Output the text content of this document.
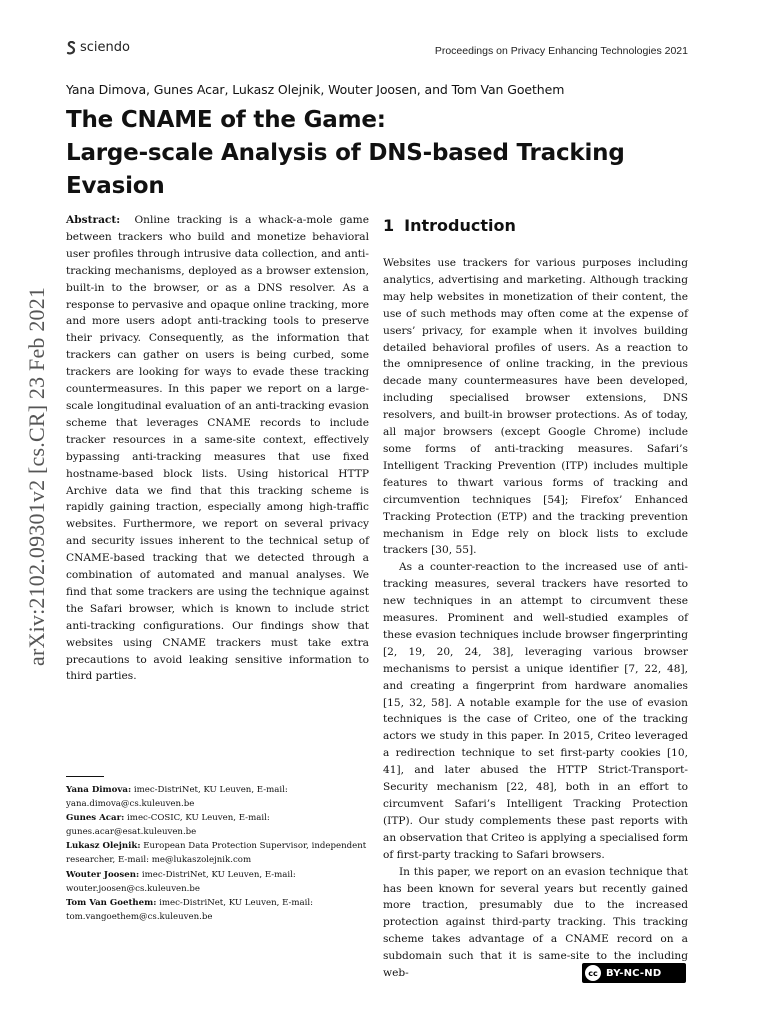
sciendo	Proceedings on Privacy Enhancing Technologies 2021
arXiv:2102.09301v2 [cs.CR] 23 Feb 2021
Yana Dimova, Gunes Acar, Lukasz Olejnik, Wouter Joosen, and Tom Van Goethem
The CNAME of the Game:
Large-scale Analysis of DNS-based Tracking
Evasion

Abstract: Online tracking is a whack-a-mole game between trackers who build and monetize behavioral user profiles through intrusive data collection, and anti-tracking mechanisms, deployed as a browser extension, built-in to the browser, or as a DNS resolver. As a response to pervasive and opaque online tracking, more and more users adopt anti-tracking tools to preserve their privacy. Consequently, as the information that trackers can gather on users is being curbed, some trackers are looking for ways to evade these tracking countermeasures. In this paper we report on a large-scale longitudinal evaluation of an anti-tracking evasion scheme that leverages CNAME records to include tracker resources in a same-site context, effectively bypassing anti-tracking measures that use fixed hostname-based block lists. Using historical HTTP Archive data we find that this tracking scheme is rapidly gaining traction, especially among high-traffic websites. Furthermore, we report on several privacy and security issues inherent to the technical setup of CNAME-based tracking that we detected through a combination of automated and manual analyses. We find that some trackers are using the technique against the Safari browser, which is known to include strict anti-tracking configurations. Our findings show that websites using CNAME trackers must take extra precautions to avoid leaking sensitive information to third parties.

Yana Dimova: imec-DistriNet, KU Leuven, E-mail: yana.dimova@cs.kuleuven.be

Gunes Acar: imec-COSIC, KU Leuven, E-mail: gunes.acar@esat.kuleuven.be

Lukasz Olejnik: European Data Protection Supervisor, independent researcher, E-mail: me@lukaszolejnik.com

Wouter Joosen: imec-DistriNet, KU Leuven, E-mail: wouter.joosen@cs.kuleuven.be

Tom Van Goethem: imec-DistriNet, KU Leuven, E-mail: tom.vangoethem@cs.kuleuven.be

1 Introduction

Websites use trackers for various purposes including analytics, advertising and marketing. Although tracking may help websites in monetization of their content, the use of such methods may often come at the expense of users’ privacy, for example when it involves building detailed behavioral profiles of users. As a reaction to the omnipresence of online tracking, in the previous decade many countermeasures have been developed, including specialised browser extensions, DNS resolvers, and built-in browser protections. As of today, all major browsers (except Google Chrome) include some forms of anti-tracking measures. Safari’s Intelligent Tracking Prevention (ITP) includes multiple features to thwart various forms of tracking and circumvention techniques [54]; Firefox’ Enhanced Tracking Protection (ETP) and the tracking prevention mechanism in Edge rely on block lists to exclude trackers [30, 55].

As a counter-reaction to the increased use of anti-tracking measures, several trackers have resorted to new techniques in an attempt to circumvent these measures. Prominent and well-studied examples of these evasion techniques include browser fingerprinting [2, 19, 20, 24, 38], leveraging various browser mechanisms to persist a unique identifier [7, 22, 48], and creating a fingerprint from hardware anomalies [15, 32, 58]. A notable example for the use of evasion techniques is the case of Criteo, one of the tracking actors we study in this paper. In 2015, Criteo leveraged a redirection technique to set first-party cookies [10, 41], and later abused the HTTP Strict-Transport-Security mechanism [22, 48], both in an effort to circumvent Safari’s Intelligent Tracking Protection (ITP). Our study complements these past reports with an observation that Criteo is applying a specialised form of first-party tracking to Safari browsers.

In this paper, we report on an evasion technique that has been known for several years but recently gained more traction, presumably due to the increased protection against third-party tracking. This tracking scheme takes advantage of a CNAME record on a subdomain such that it is same-site to the including web-	cc BY-NC-ND
